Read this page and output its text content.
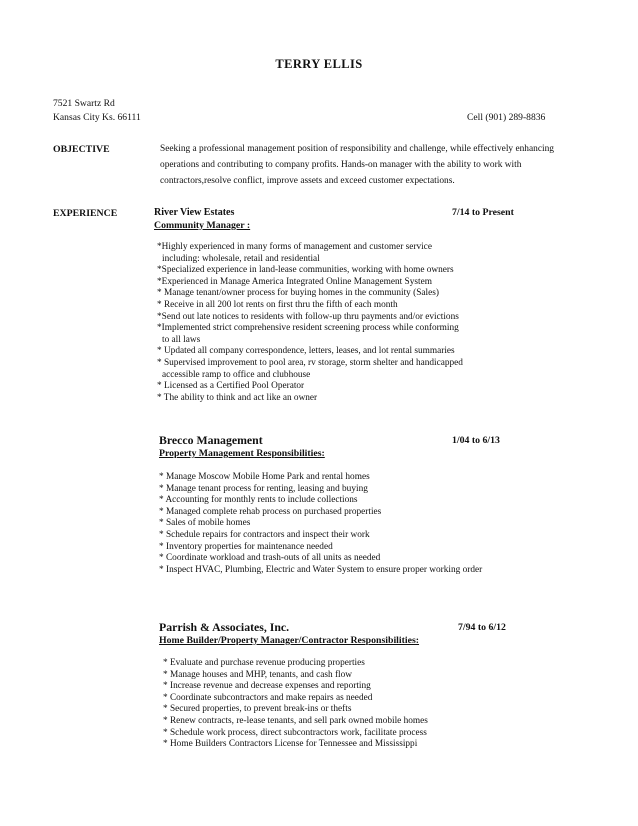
TERRY ELLIS
7521 Swartz Rd
Kansas City Ks. 66111	Cell (901) 289-8836
OBJECTIVE	Seeking a professional management position of responsibility and challenge, while effectively enhancing operations and contributing to company profits. Hands-on manager with the ability to work with contractors,resolve conflict, improve assets and exceed customer expectations.
EXPERIENCE	River View Estates	7/14 to Present
Community Manager :
*Highly experienced in many forms of management and customer service
including: wholesale, retail and residential
*Specialized experience in land-lease communities, working with home owners
*Experienced in Manage America Integrated Online Management System
* Manage tenant/owner process for buying homes in the community (Sales)
* Receive in all 200 lot rents on first thru the fifth of each month
*Send out late notices to residents with follow-up thru payments and/or evictions
*Implemented strict comprehensive resident screening process while conforming
to all laws
* Updated all company correspondence, letters, leases, and lot rental summaries
* Supervised improvement to pool area, rv storage, storm shelter and handicapped
accessible ramp to office and clubhouse
* Licensed as a Certified Pool Operator
* The ability to think and act like an owner
Brecco Management	1/04 to 6/13
Property Management Responsibilities:
* Manage Moscow Mobile Home Park and rental homes
* Manage tenant process for renting, leasing and buying
* Accounting for monthly rents to include collections
* Managed complete rehab process on purchased properties
* Sales of mobile homes
* Schedule repairs for contractors and inspect their work
* Inventory properties for maintenance needed
* Coordinate workload and trash-outs of all units as needed
* Inspect HVAC, Plumbing, Electric and Water System to ensure proper working order
Parrish & Associates, Inc.	7/94 to 6/12
Home Builder/Property Manager/Contractor Responsibilities:
* Evaluate and purchase revenue producing properties
* Manage houses and MHP, tenants, and cash flow
* Increase revenue and decrease expenses and reporting
* Coordinate subcontractors and make repairs as needed
* Secured properties, to prevent break-ins or thefts
* Renew contracts, re-lease tenants, and sell park owned mobile homes
* Schedule work process, direct subcontractors work, facilitate process
* Home Builders Contractors License for Tennessee and Mississippi
